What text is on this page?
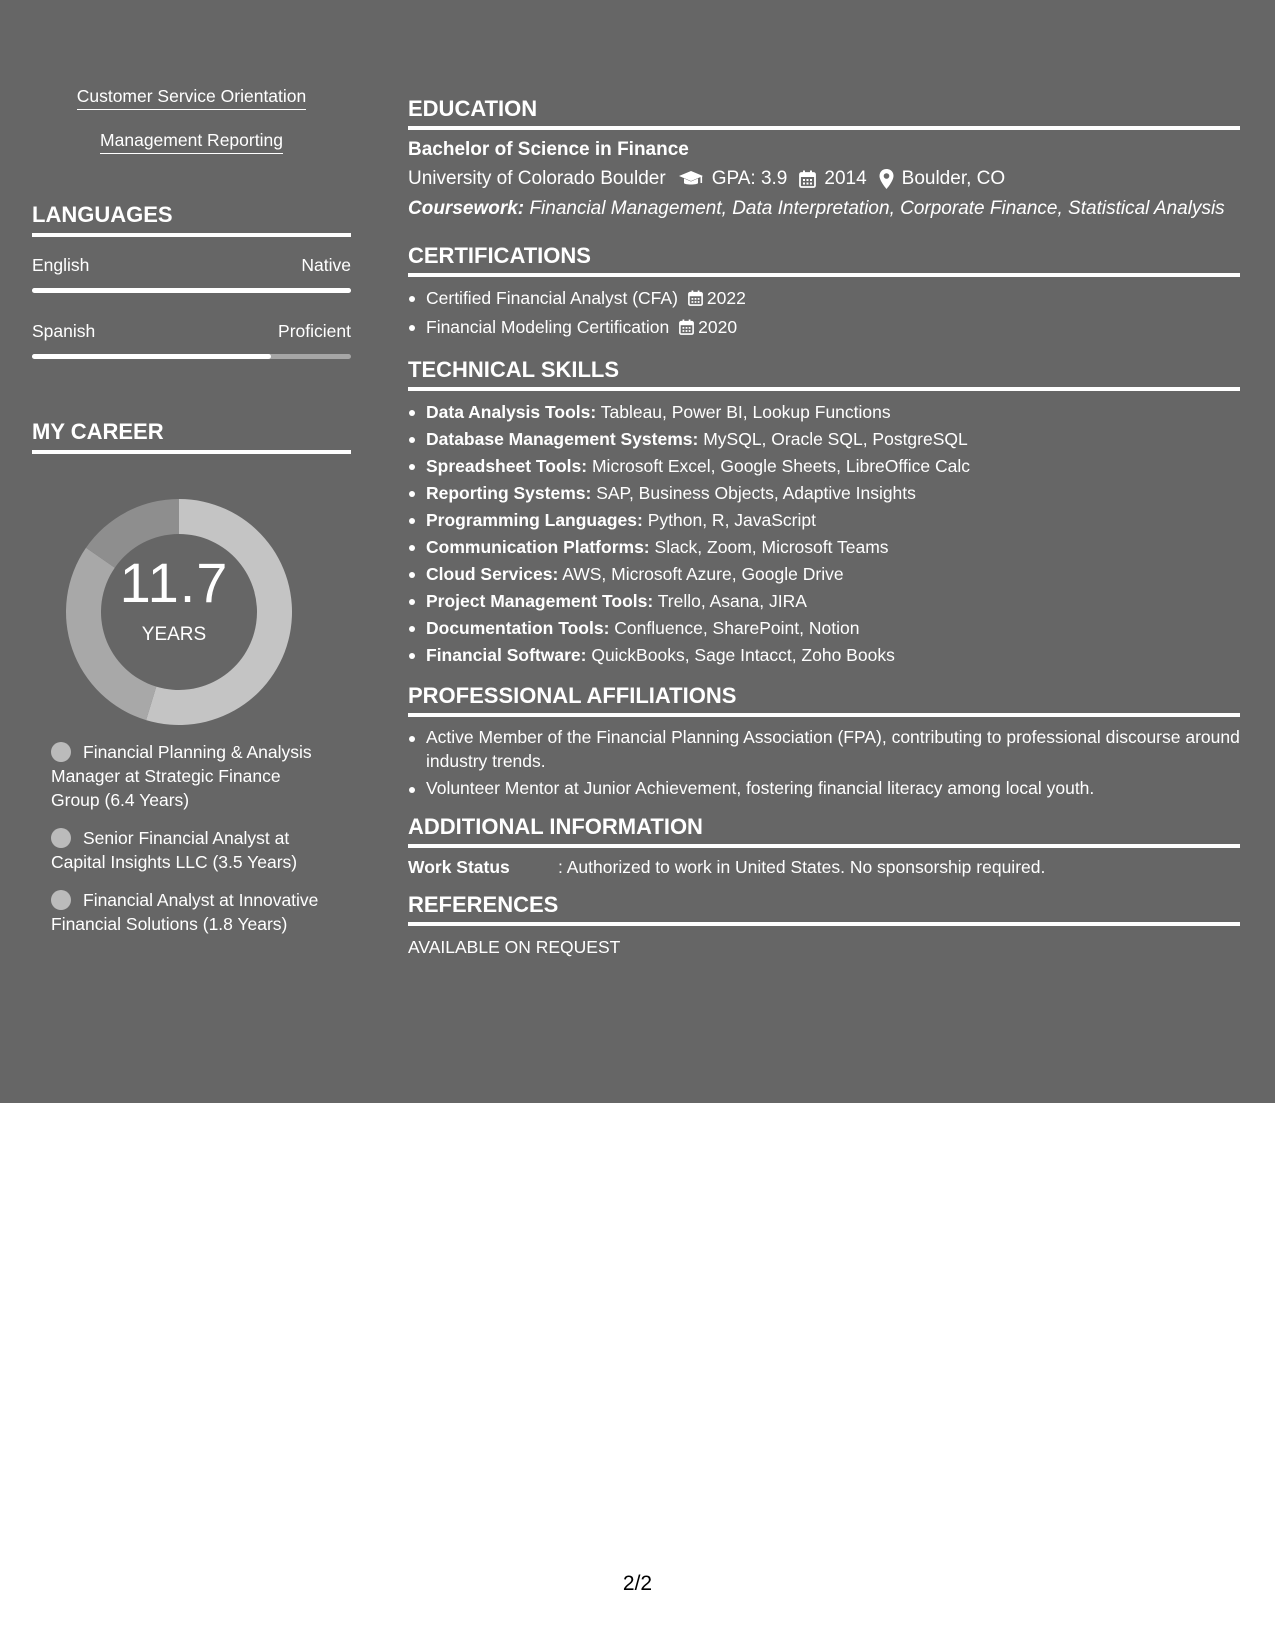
Customer Service Orientation
Management Reporting
LANGUAGES
English	Native
Spanish	Proficient
MY CAREER
11.7
YEARS
Financial Planning & Analysis Manager at Strategic Finance Group (6.4 Years)
Senior Financial Analyst at Capital Insights LLC (3.5 Years)
Financial Analyst at Innovative Financial Solutions (1.8 Years)
EDUCATION
Bachelor of Science in Finance
University of Colorado Boulder GPA: 3.9 2014 Boulder, CO
Coursework: Financial Management, Data Interpretation, Corporate Finance, Statistical Analysis
CERTIFICATIONS
Certified Financial Analyst (CFA) 2022
Financial Modeling Certification 2020
TECHNICAL SKILLS
Data Analysis Tools: Tableau, Power BI, Lookup Functions
Database Management Systems: MySQL, Oracle SQL, PostgreSQL
Spreadsheet Tools: Microsoft Excel, Google Sheets, LibreOffice Calc
Reporting Systems: SAP, Business Objects, Adaptive Insights
Programming Languages: Python, R, JavaScript
Communication Platforms: Slack, Zoom, Microsoft Teams
Cloud Services: AWS, Microsoft Azure, Google Drive
Project Management Tools: Trello, Asana, JIRA
Documentation Tools: Confluence, SharePoint, Notion
Financial Software: QuickBooks, Sage Intacct, Zoho Books
PROFESSIONAL AFFILIATIONS
Active Member of the Financial Planning Association (FPA), contributing to professional discourse around industry trends.
Volunteer Mentor at Junior Achievement, fostering financial literacy among local youth.
ADDITIONAL INFORMATION
Work Status	: Authorized to work in United States. No sponsorship required.
REFERENCES
AVAILABLE ON REQUEST
2/2
